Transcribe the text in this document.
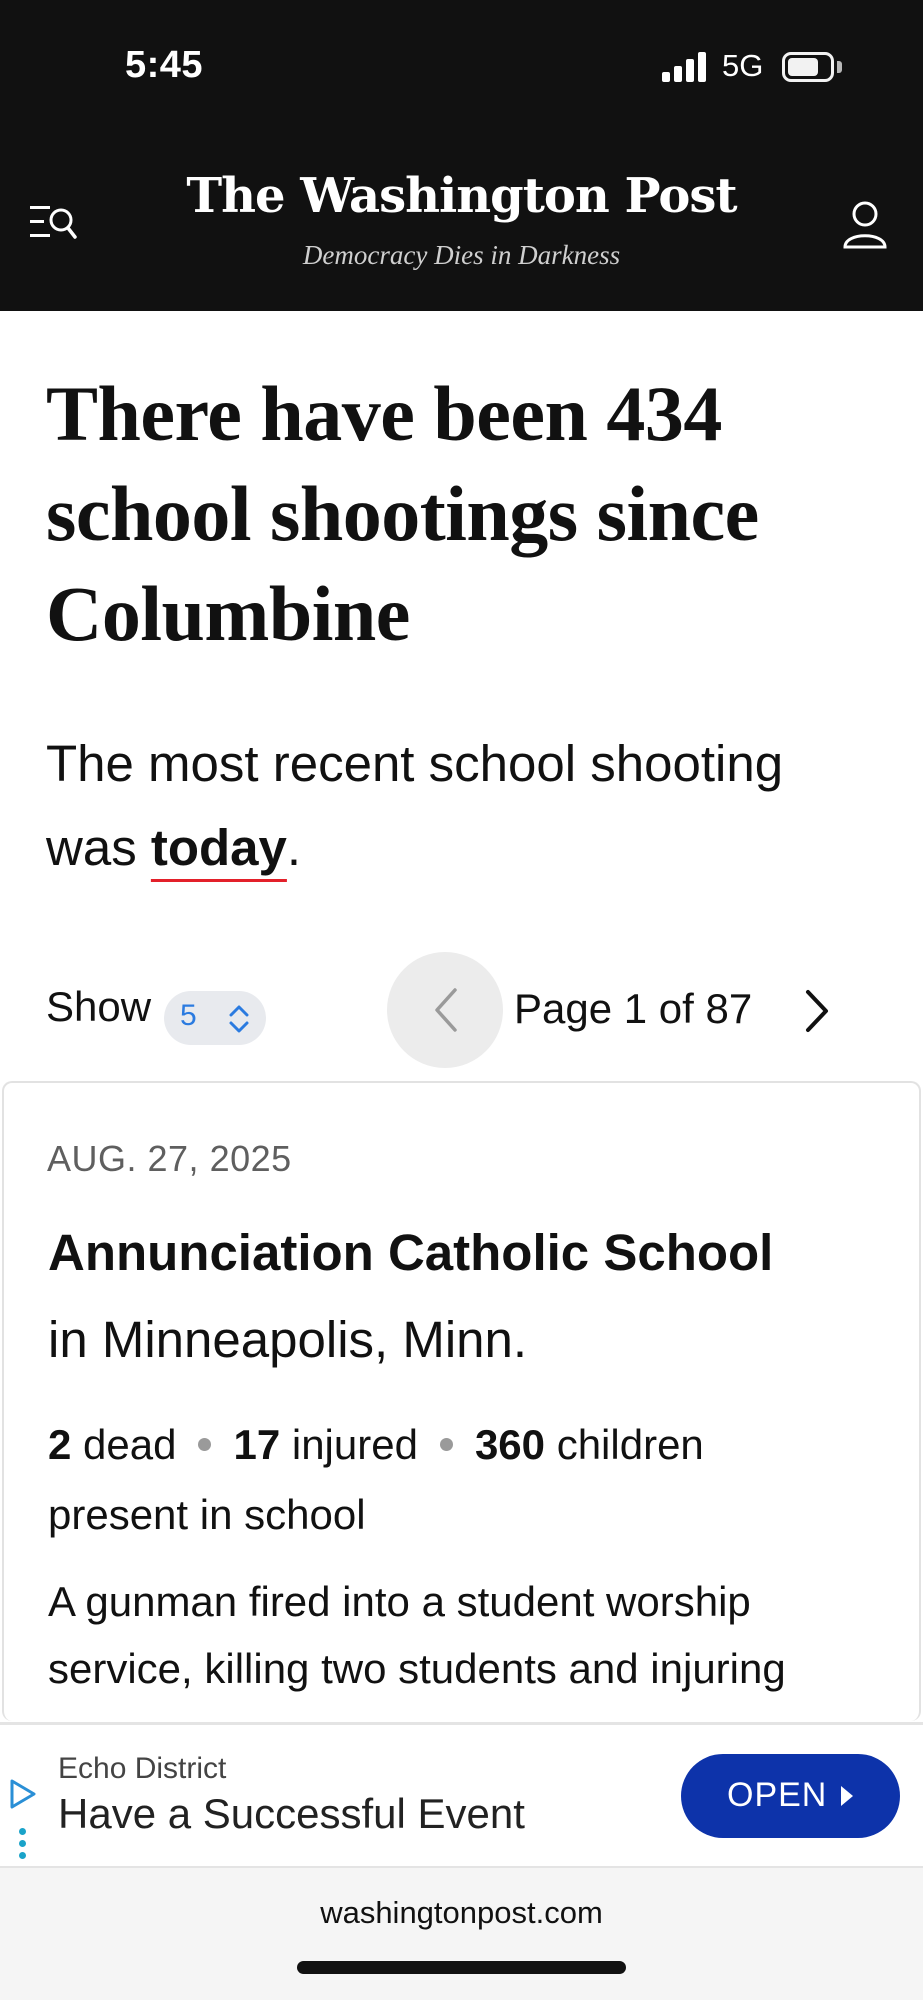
5:45	5G
The Washington Post
Democracy Dies in Darkness
There have been 434 school shootings since Columbine

The most recent school shooting was today.

Show 5	Page 1 of 87
AUG. 27, 2025
Annunciation Catholic School
in Minneapolis, Minn.
2 dead 17 injured 360 children present in school
A gunman fired into a student worship service, killing two students and injuring
Echo District
Have a Successful Event	OPEN
washingtonpost.com
